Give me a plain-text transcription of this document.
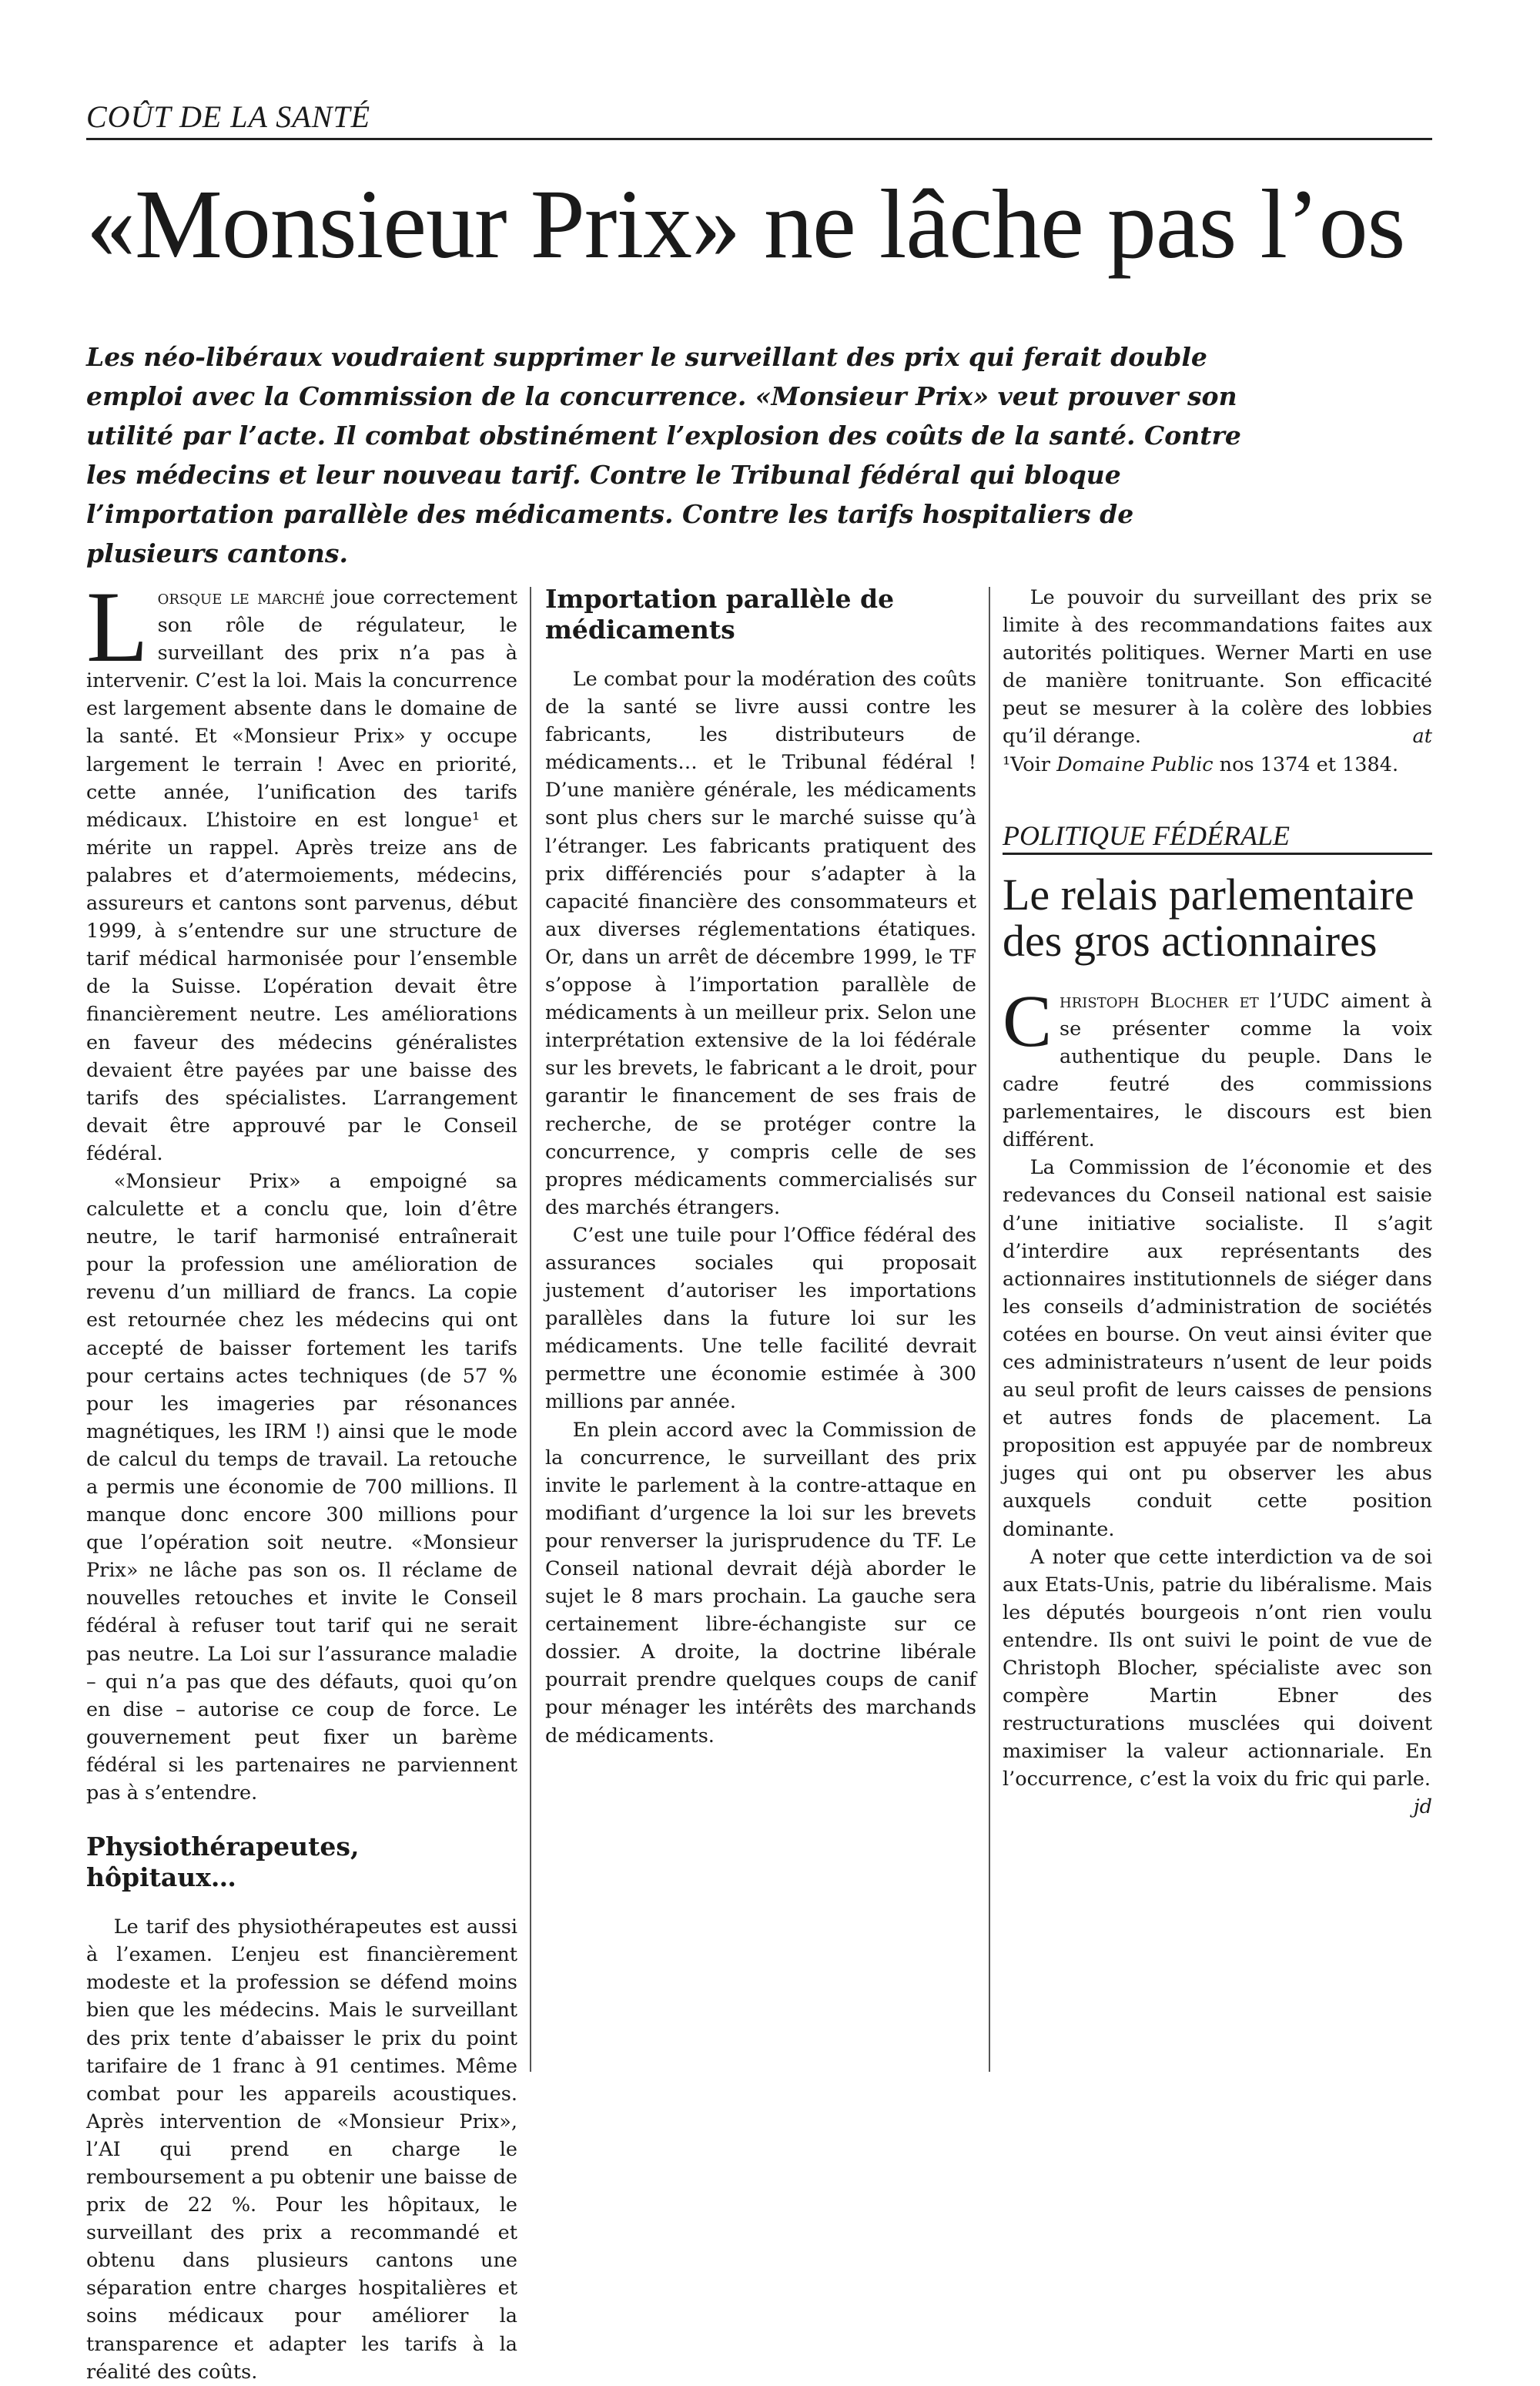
COÛT DE LA SANTÉ
«Monsieur Prix» ne lâche pas l’os

Les néo-libéraux voudraient supprimer le surveillant des prix qui ferait double emploi avec la Commission de la concurrence. «Monsieur Prix» veut prouver son utilité par l’acte. Il combat obstinément l’explosion des coûts de la santé. Contre les médecins et leur nouveau tarif. Contre le Tribunal fédéral qui bloque l’importation parallèle des médicaments. Contre les tarifs hospitaliers de plusieurs cantons.

Lorsque le marché joue correctement son rôle de régulateur, le surveillant des prix n’a pas à intervenir. C’est la loi. Mais la concurrence est largement absente dans le domaine de la santé. Et «Monsieur Prix» y occupe largement le terrain ! Avec en priorité, cette année, l’unification des tarifs médicaux. L’histoire en est longue¹ et mérite un rappel. Après treize ans de palabres et d’atermoiements, médecins, assureurs et cantons sont parvenus, début 1999, à s’entendre sur une structure de tarif médical harmonisée pour l’ensemble de la Suisse. L’opération devait être financièrement neutre. Les améliorations en faveur des médecins généralistes devaient être payées par une baisse des tarifs des spécialistes. L’arrangement devait être approuvé par le Conseil fédéral.

«Monsieur Prix» a empoigné sa calculette et a conclu que, loin d’être neutre, le tarif harmonisé entraînerait pour la profession une amélioration de revenu d’un milliard de francs. La copie est retournée chez les médecins qui ont accepté de baisser fortement les tarifs pour certains actes techniques (de 57 % pour les imageries par résonances magnétiques, les IRM !) ainsi que le mode de calcul du temps de travail. La retouche a permis une économie de 700 millions. Il manque donc encore 300 millions pour que l’opération soit neutre. «Monsieur Prix» ne lâche pas son os. Il réclame de nouvelles retouches et invite le Conseil fédéral à refuser tout tarif qui ne serait pas neutre. La Loi sur l’assurance maladie – qui n’a pas que des défauts, quoi qu’on en dise – autorise ce coup de force. Le gouvernement peut fixer un barème fédéral si les partenaires ne parviennent pas à s’entendre.

Physiothérapeutes, hôpitaux…

Le tarif des physiothérapeutes est aussi à l’examen. L’enjeu est financièrement modeste et la profession se défend moins bien que les médecins. Mais le surveillant des prix tente d’abaisser le prix du point tarifaire de 1 franc à 91 centimes. Même combat pour les appareils acoustiques. Après intervention de «Monsieur Prix», l’AI qui prend en charge le remboursement a pu obtenir une baisse de prix de 22 %. Pour les hôpitaux, le surveillant des prix a recommandé et obtenu dans plusieurs cantons une séparation entre charges hospitalières et soins médicaux pour améliorer la transparence et adapter les tarifs à la réalité des coûts.

Importation parallèle de médicaments

Le combat pour la modération des coûts de la santé se livre aussi contre les fabricants, les distributeurs de médicaments… et le Tribunal fédéral ! D’une manière générale, les médicaments sont plus chers sur le marché suisse qu’à l’étranger. Les fabricants pratiquent des prix différenciés pour s’adapter à la capacité financière des consommateurs et aux diverses réglementations étatiques. Or, dans un arrêt de décembre 1999, le TF s’oppose à l’importation parallèle de médicaments à un meilleur prix. Selon une interprétation extensive de la loi fédérale sur les brevets, le fabricant a le droit, pour garantir le financement de ses frais de recherche, de se protéger contre la concurrence, y compris celle de ses propres médicaments commercialisés sur des marchés étrangers.

C’est une tuile pour l’Office fédéral des assurances sociales qui proposait justement d’autoriser les importations parallèles dans la future loi sur les médicaments. Une telle facilité devrait permettre une économie estimée à 300 millions par année.

En plein accord avec la Commission de la concurrence, le surveillant des prix invite le parlement à la contre-attaque en modifiant d’urgence la loi sur les brevets pour renverser la jurisprudence du TF. Le Conseil national devrait déjà aborder le sujet le 8 mars prochain. La gauche sera certainement libre-échangiste sur ce dossier. A droite, la doctrine libérale pourrait prendre quelques coups de canif pour ménager les intérêts des marchands de médicaments.

Le pouvoir du surveillant des prix se limite à des recommandations faites aux autorités politiques. Werner Marti en use de manière tonitruante. Son efficacité peut se mesurer à la colère des lobbies qu’il dérange.	at

¹Voir Domaine Public nos 1374 et 1384.

POLITIQUE FÉDÉRALE
Le relais parlementaire des gros actionnaires

Christoph Blocher et l’UDC aiment à se présenter comme la voix authentique du peuple. Dans le cadre feutré des commissions parlementaires, le discours est bien différent.

La Commission de l’économie et des redevances du Conseil national est saisie d’une initiative socialiste. Il s’agit d’interdire aux représentants des actionnaires institutionnels de siéger dans les conseils d’administration de sociétés cotées en bourse. On veut ainsi éviter que ces administrateurs n’usent de leur poids au seul profit de leurs caisses de pensions et autres fonds de placement. La proposition est appuyée par de nombreux juges qui ont pu observer les abus auxquels conduit cette position dominante.

A noter que cette interdiction va de soi aux Etats-Unis, patrie du libéralisme. Mais les députés bourgeois n’ont rien voulu entendre. Ils ont suivi le point de vue de Christoph Blocher, spécialiste avec son compère Martin Ebner des restructurations musclées qui doivent maximiser la valeur actionnariale. En l’occurrence, c’est la voix du fric qui parle.
jd
